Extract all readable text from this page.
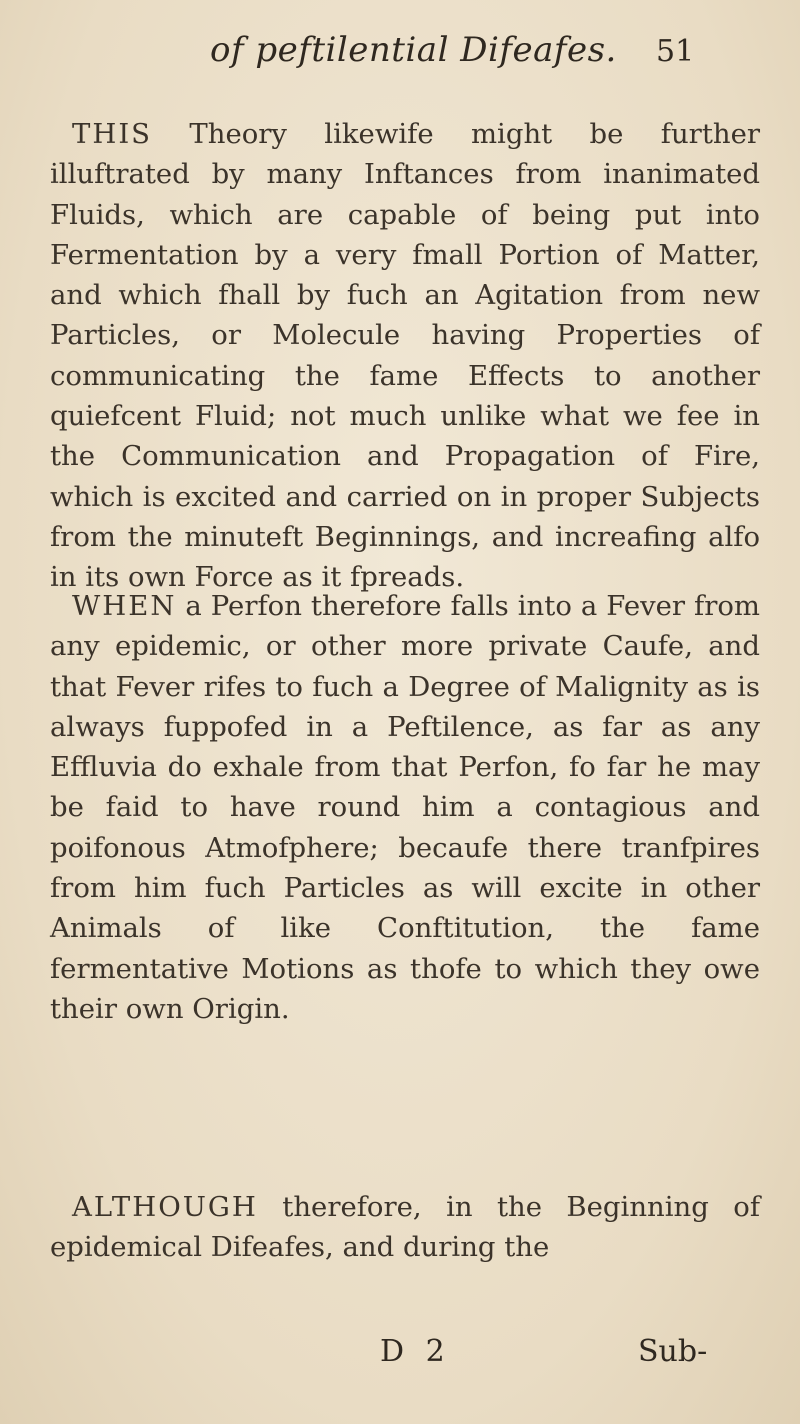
of peftilential Difeafes. 51
THIS Theory likewife might be further illuftrated by many Inftances from inanimated Fluids, which are capable of being put into Fermentation by a very fmall Portion of Matter, and which fhall by fuch an Agitation from new Particles, or Molecule having Properties of communicating the fame Effects to another quiefcent Fluid; not much unlike what we fee in the Communication and Propagation of Fire, which is excited and carried on in proper Subjects from the minuteft Beginnings, and increafing alfo in its own Force as it fpreads.
WHEN a Perfon therefore falls into a Fever from any epidemic, or other more private Caufe, and that Fever rifes to fuch a Degree of Malignity as is always fuppofed in a Peftilence, as far as any Effluvia do exhale from that Perfon, fo far he may be faid to have round him a contagious and poifonous Atmofphere; becaufe there tranfpires from him fuch Particles as will excite in other Animals of like Conftitution, the fame fermentative Motions as thofe to which they owe their own Origin.
ALTHOUGH therefore, in the Beginning of epidemical Difeafes, and during the
D 2	Sub-
